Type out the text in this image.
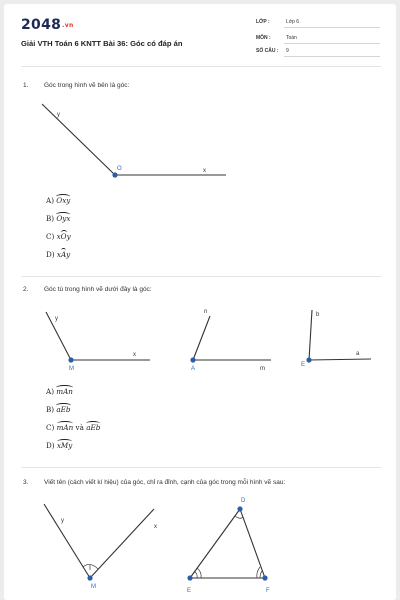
2048.vn
Giải VTH Toán 6 KNTT Bài 36: Góc có đáp án
LỚP :	Lớp 6
MÔN :	Toán
SỐ CÂU : 9
1. Góc trong hình vẽ bên là góc:
y
O	x
A) Oxy
B) Oyx
C) xOy
D) xAy
2. Góc tù trong hình vẽ dưới đây là góc:
y
M
x
n
A	m
b
E
a
A) mAn
B) aEb
C) mAn và aEb
D) xMy
3. Viết tên (cách viết kí hiệu) của góc, chỉ ra đỉnh, cạnh của góc trong mỗi hình vẽ sau:
y
x
M
D
E	F
